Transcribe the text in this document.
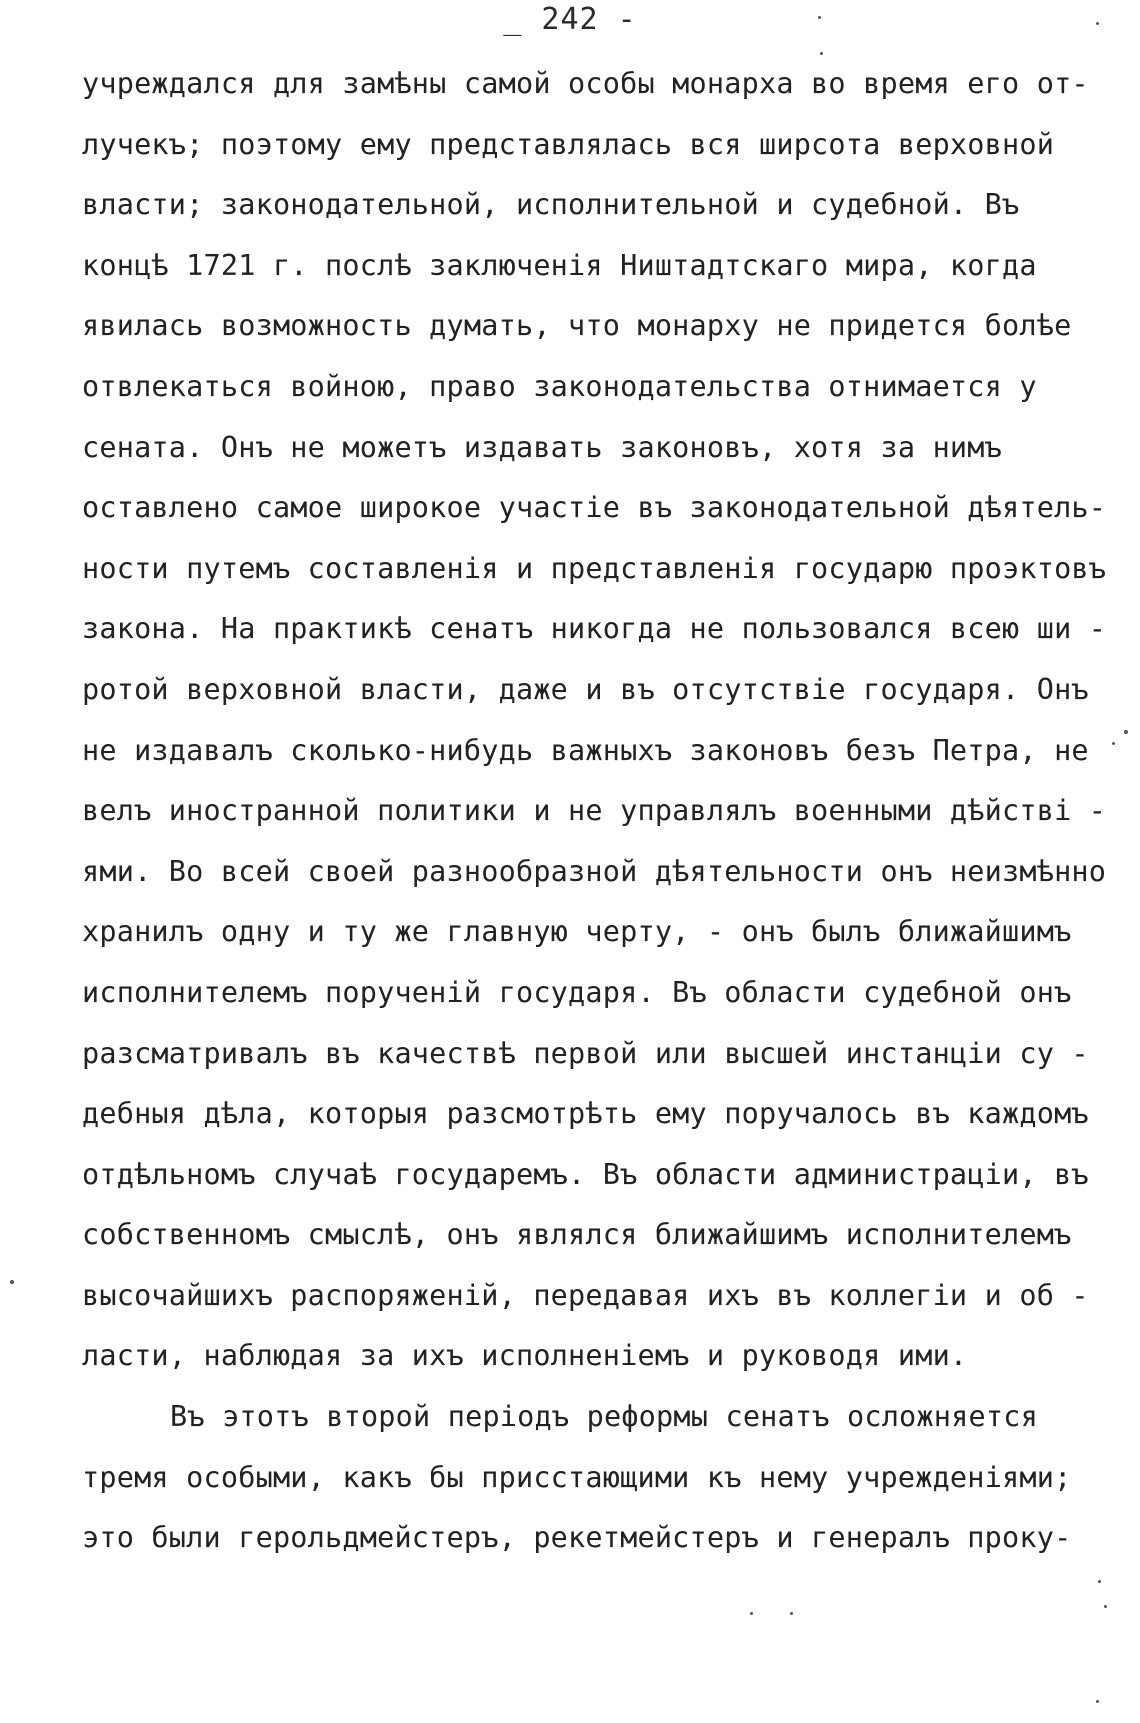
_ 242 -
учреждался для замѣны самой особы монарха во время его от-
лучекъ; поэтому ему представлялась вся ширсота верховной
власти; законодательной, исполнительной и судебной. Въ
концѣ 1721 г. послѣ заключенія Ништадтскаго мира, когда
явилась возможность думать, что монарху не придется болѣе
отвлекаться войною, право законодательства отнимается у
сената. Онъ не можетъ издавать законовъ, хотя за нимъ
оставлено самое широкое участіе въ законодательной дѣятель-
ности путемъ составленія и представленія государю проэктовъ
закона. На практикѣ сенатъ никогда не пользовался всею ши -
ротой верховной власти, даже и въ отсутствіе государя. Онъ
не издавалъ сколько-нибудь важныхъ законовъ безъ Петра, не
велъ иностранной политики и не управлялъ военными дѣйствi -
ями. Во всей своей разнообразной дѣятельности онъ неизмѣнно
хранилъ одну и ту же главную черту, - онъ былъ ближайшимъ
исполнителемъ порученій государя. Въ области судебной онъ
разсматривалъ въ качествѣ первой или высшей инстанціи су -
дебныя дѣла, которыя разсмотрѣть ему поручалось въ каждомъ
отдѣльномъ случаѣ государемъ. Въ области администраціи, въ
собственномъ смыслѣ, онъ являлся ближайшимъ исполнителемъ
высочайшихъ распоряженій, передавая ихъ въ коллегіи и об -
ласти, наблюдая за ихъ исполненіемъ и руководя ими.
Въ этотъ второй періодъ реформы сенатъ осложняется
тремя особыми, какъ бы присстающими къ нему учрежденіями;
это были герольдмейстеръ, рекетмейстеръ и генералъ проку-
